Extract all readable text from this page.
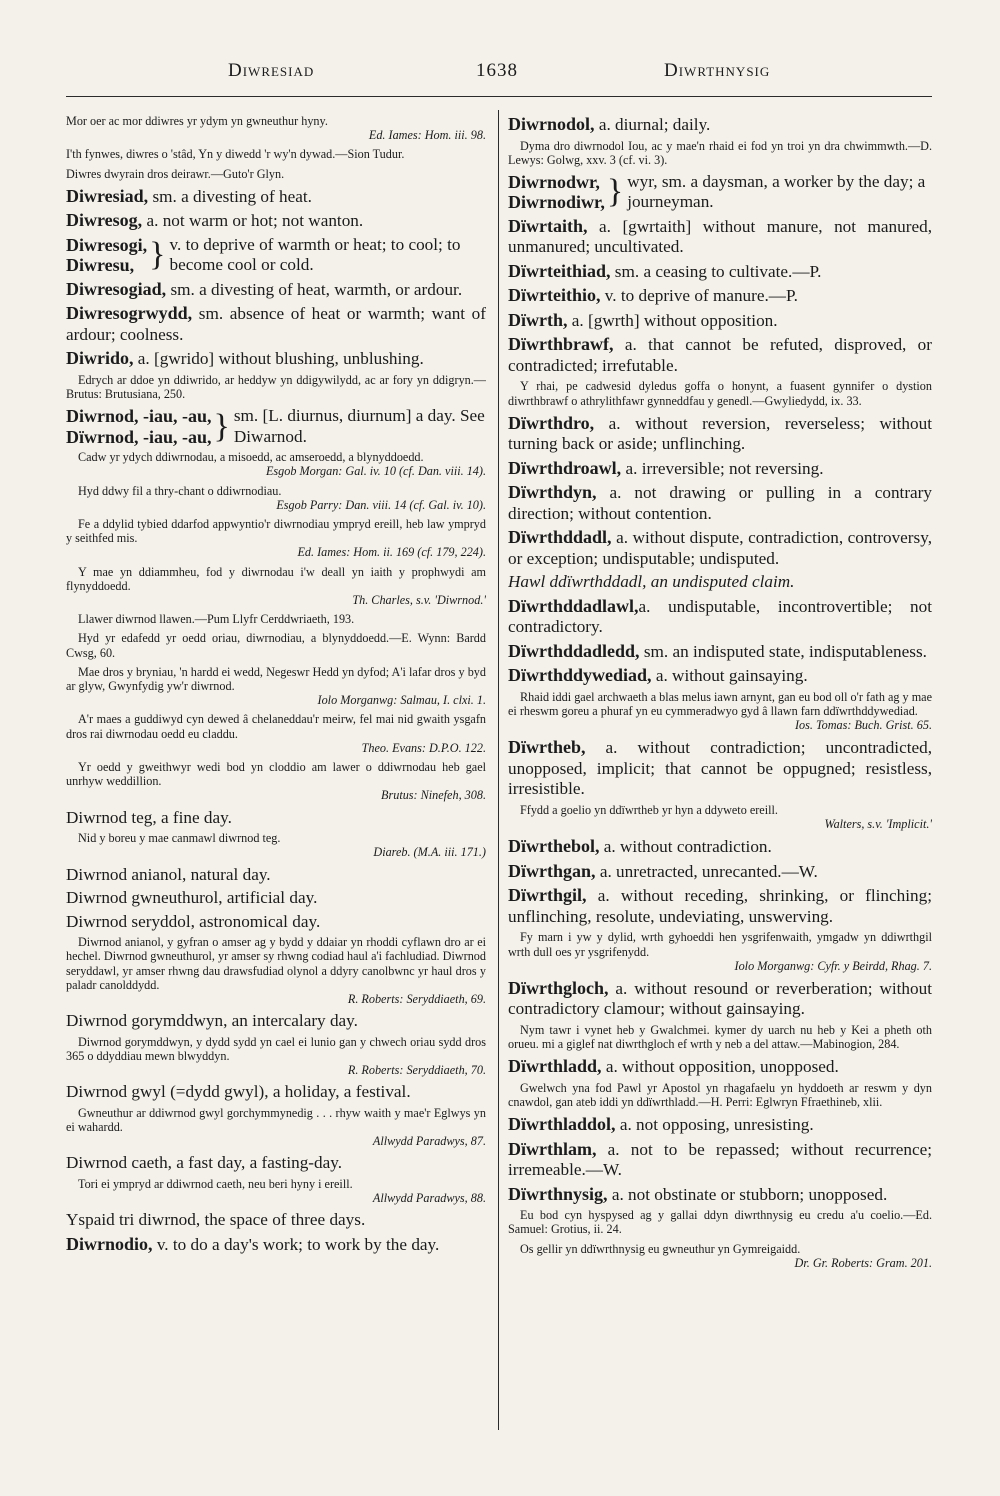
Diwresiad	1638	Diwrthnysig

Mor oer ac mor ddiwres yr ydym yn gwneuthur hyny.
Ed. Iames: Hom. iii. 98.

I'th fynwes, diwres o 'stâd, Yn y diwedd 'r wy'n dywad.—Sion Tudur.

Diwres dwyrain dros deirawr.—Guto'r Glyn.

Diwresiad, sm. a divesting of heat.

Diwresog, a. not warm or hot; not wanton.

Diwresogi,
Diwresu, } v. to deprive of warmth or heat; to cool; to become cool or cold.

Diwresogiad, sm. a divesting of heat, warmth, or ardour.

Diwresogrwydd, sm. absence of heat or warmth; want of ardour; coolness.

Diwrido, a. [gwrido] without blushing, unblushing.

Edrych ar ddoe yn ddiwrido, ar heddyw yn ddigywilydd, ac ar fory yn ddigryn.—Brutus: Brutusiana, 250.

Diwrnod, -iau, -au,
Dïwrnod, -iau, -au, } sm. [L. diurnus, diurnum] a day. See Diwarnod.

Cadw yr ydych ddiwrnodau, a misoedd, ac amseroedd, a blynyddoedd.
Esgob Morgan: Gal. iv. 10 (cf. Dan. viii. 14).

Hyd ddwy fil a thry-chant o ddiwrnodiau.
Esgob Parry: Dan. viii. 14 (cf. Gal. iv. 10).

Fe a ddylid tybied ddarfod appwyntio'r diwrnodiau ympryd ereill, heb law ympryd y seithfed mis.
Ed. Iames: Hom. ii. 169 (cf. 179, 224).

Y mae yn ddiammheu, fod y diwrnodau i'w deall yn iaith y prophwydi am flynyddoedd.
Th. Charles, s.v. 'Diwrnod.'

Llawer diwrnod llawen.—Pum Llyfr Cerddwriaeth, 193.

Hyd yr edafedd yr oedd oriau, diwrnodiau, a blynyddoedd.—E. Wynn: Bardd Cwsg, 60.

Mae dros y bryniau, 'n hardd ei wedd, Negeswr Hedd yn dyfod; A'i lafar dros y byd ar glyw, Gwynfydig yw'r diwrnod.
Iolo Morganwg: Salmau, I. clxi. 1.

A'r maes a guddiwyd cyn dewed â chelaneddau'r meirw, fel mai nid gwaith ysgafn dros rai diwrnodau oedd eu claddu.
Theo. Evans: D.P.O. 122.

Yr oedd y gweithwyr wedi bod yn cloddio am lawer o ddiwrnodau heb gael unrhyw weddillion.
Brutus: Ninefeh, 308.

Diwrnod teg, a fine day.

Nid y boreu y mae canmawl diwrnod teg.
Diareb. (M.A. iii. 171.)

Diwrnod anianol, natural day.

Diwrnod gwneuthurol, artificial day.

Diwrnod seryddol, astronomical day.

Diwrnod anianol, y gyfran o amser ag y bydd y ddaiar yn rhoddi cyflawn dro ar ei hechel. Diwrnod gwneuthurol, yr amser sy rhwng codiad haul a'i fachludiad. Diwrnod seryddawl, yr amser rhwng dau drawsfudiad olynol a ddyry canolbwnc yr haul dros y paladr canolddydd.
R. Roberts: Seryddiaeth, 69.

Diwrnod gorymddwyn, an intercalary day.

Diwrnod gorymddwyn, y dydd sydd yn cael ei lunio gan y chwech oriau sydd dros 365 o ddyddiau mewn blwyddyn.
R. Roberts: Seryddiaeth, 70.

Diwrnod gwyl (=dydd gwyl), a holiday, a festival.

Gwneuthur ar ddiwrnod gwyl gorchymmynedig . . . rhyw waith y mae'r Eglwys yn ei wahardd.
Allwydd Paradwys, 87.

Diwrnod caeth, a fast day, a fasting-day.

Tori ei ympryd ar ddiwrnod caeth, neu beri hyny i ereill.
Allwydd Paradwys, 88.

Yspaid tri diwrnod, the space of three days.

Diwrnodio, v. to do a day's work; to work by the day.

Diwrnodol, a. diurnal; daily.

Dyma dro diwrnodol Iou, ac y mae'n rhaid ei fod yn troi yn dra chwimmwth.—D. Lewys: Golwg, xxv. 3 (cf. vi. 3).

Diwrnodwr,
Diwrnodiwr, } wyr, sm. a daysman, a worker by the day; a journeyman.

Dïwrtaith, a. [gwrtaith] without manure, not manured, unmanured; uncultivated.

Dïwrteithiad, sm. a ceasing to cultivate.—P.

Dïwrteithio, v. to deprive of manure.—P.

Dïwrth, a. [gwrth] without opposition.

Dïwrthbrawf, a. that cannot be refuted, disproved, or contradicted; irrefutable.

Y rhai, pe cadwesid dyledus goffa o honynt, a fuasent gynnifer o dystion diwrthbrawf o athrylithfawr gynneddfau y genedl.—Gwyliedydd, ix. 33.

Dïwrthdro, a. without reversion, reverseless; without turning back or aside; unflinching.

Dïwrthdroawl, a. irreversible; not reversing.

Dïwrthdyn, a. not drawing or pulling in a contrary direction; without contention.

Dïwrthddadl, a. without dispute, contradiction, controversy, or exception; undisputable; undisputed.

Hawl ddïwrthddadl, an undisputed claim.

Dïwrthddadlawl,a. undisputable, incontrovertible; not contradictory.

Dïwrthddadledd, sm. an indisputed state, indisputableness.

Dïwrthddywediad, a. without gainsaying.

Rhaid iddi gael archwaeth a blas melus iawn arnynt, gan eu bod oll o'r fath ag y mae ei rheswm goreu a phuraf yn eu cymmeradwyo gyd â llawn farn ddïwrthddywediad.
Ios. Tomas: Buch. Grist. 65.

Dïwrtheb, a. without contradiction; uncontradicted, unopposed, implicit; that cannot be oppugned; resistless, irresistible.

Ffydd a goelio yn ddïwrtheb yr hyn a ddyweto ereill.
Walters, s.v. 'Implicit.'

Dïwrthebol, a. without contradiction.

Dïwrthgan, a. unretracted, unrecanted.—W.

Dïwrthgil, a. without receding, shrinking, or flinching; unflinching, resolute, undeviating, unswerving.

Fy marn i yw y dylid, wrth gyhoeddi hen ysgrifenwaith, ymgadw yn ddiwrthgil wrth dull oes yr ysgrifenydd.
Iolo Morganwg: Cyfr. y Beirdd, Rhag. 7.

Dïwrthgloch, a. without resound or reverberation; without contradictory clamour; without gainsaying.

Nym tawr i vynet heb y Gwalchmei. kymer dy uarch nu heb y Kei a pheth oth orueu. mi a giglef nat diwrthgloch ef wrth y neb a del attaw.—Mabinogion, 284.

Dïwrthladd, a. without opposition, unopposed.

Gwelwch yna fod Pawl yr Apostol yn rhagafaelu yn hyddoeth ar reswm y dyn cnawdol, gan ateb iddi yn ddïwrthladd.—H. Perri: Eglwryn Ffraethineb, xlii.

Dïwrthladdol, a. not opposing, unresisting.

Dïwrthlam, a. not to be repassed; without recurrence; irremeable.—W.

Dïwrthnysig, a. not obstinate or stubborn; unopposed.

Eu bod cyn hyspysed ag y gallai ddyn diwrthnysig eu credu a'u coelio.—Ed. Samuel: Grotius, ii. 24.

Os gellir yn ddïwrthnysig eu gwneuthur yn Gymreigaidd.
Dr. Gr. Roberts: Gram. 201.
